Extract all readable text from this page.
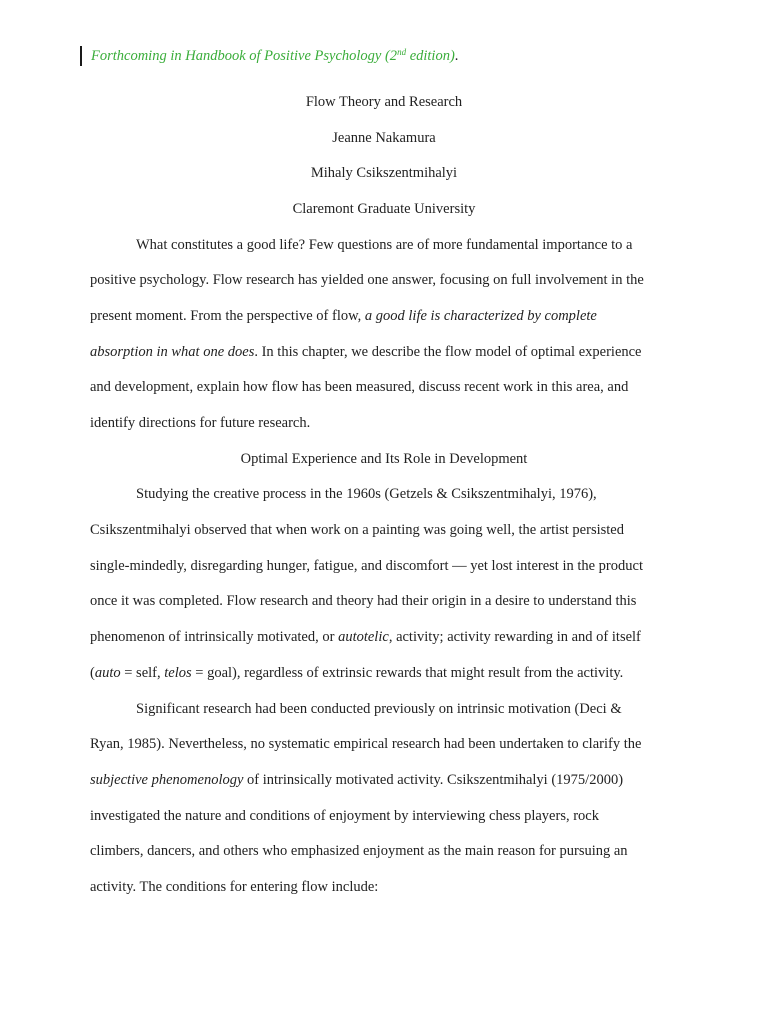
Forthcoming in Handbook of Positive Psychology (2nd edition).
Flow Theory and Research
Jeanne Nakamura
Mihaly Csikszentmihalyi
Claremont Graduate University
What constitutes a good life? Few questions are of more fundamental importance to a
positive psychology. Flow research has yielded one answer, focusing on full involvement in the
present moment. From the perspective of flow, a good life is characterized by complete
absorption in what one does. In this chapter, we describe the flow model of optimal experience
and development, explain how flow has been measured, discuss recent work in this area, and
identify directions for future research.
Optimal Experience and Its Role in Development
Studying the creative process in the 1960s (Getzels & Csikszentmihalyi, 1976),
Csikszentmihalyi observed that when work on a painting was going well, the artist persisted
single-mindedly, disregarding hunger, fatigue, and discomfort — yet lost interest in the product
once it was completed. Flow research and theory had their origin in a desire to understand this
phenomenon of intrinsically motivated, or autotelic, activity; activity rewarding in and of itself
(auto = self, telos = goal), regardless of extrinsic rewards that might result from the activity.
Significant research had been conducted previously on intrinsic motivation (Deci &
Ryan, 1985). Nevertheless, no systematic empirical research had been undertaken to clarify the
subjective phenomenology of intrinsically motivated activity. Csikszentmihalyi (1975/2000)
investigated the nature and conditions of enjoyment by interviewing chess players, rock
climbers, dancers, and others who emphasized enjoyment as the main reason for pursuing an
activity. The conditions for entering flow include:
